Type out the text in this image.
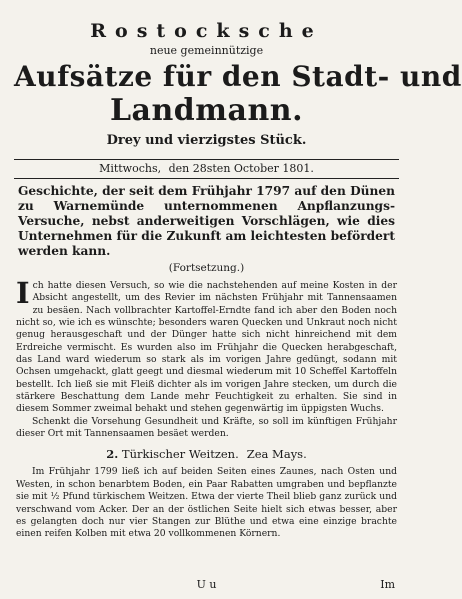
Rostocksche
neue gemeinnützige
Aufsätze für den Stadt- und
Landmann.
Drey und vierzigstes Stück.
Mittwochs, den 28sten October 1801.
Geschichte, der seit dem Frühjahr 1797 auf den Dünen zu Warnemünde unternommenen Anpflanzungs-Versuche, nebst anderweitigen Vorschlägen, wie dies Unternehmen für die Zukunft am leichtesten befördert werden kann.
(Fortsetzung.)

Ich hatte diesen Versuch, so wie die nachstehenden auf meine Kosten in der Absicht angestellt, um des Revier im nächsten Frühjahr mit Tannensaamen zu besäen. Nach vollbrachter Kartoffel-Erndte fand ich aber den Boden noch nicht so, wie ich es wünschte; besonders waren Quecken und Unkraut noch nicht genug herausgeschaft und der Dünger hatte sich nicht hinreichend mit dem Erdreiche vermischt. Es wurden also im Frühjahr die Quecken herabgeschaft, das Land ward wiederum so stark als im vorigen Jahre gedüngt, sodann mit Ochsen umgehackt, glatt geegt und diesmal wiederum mit 10 Scheffel Kartoffeln bestellt. Ich ließ sie mit Fleiß dichter als im vorigen Jahre stecken, um durch die stärkere Beschattung dem Lande mehr Feuchtigkeit zu erhalten. Sie sind in diesem Sommer zweimal behakt und stehen gegenwärtig im üppigsten Wuchs.

Schenkt die Vorsehung Gesundheit und Kräfte, so soll im künftigen Frühjahr dieser Ort mit Tannensaamen besäet werden.

2. Türkischer Weitzen. Zea Mays.

Im Frühjahr 1799 ließ ich auf beiden Seiten eines Zaunes, nach Osten und Westen, in schon benarbtem Boden, ein Paar Rabatten umgraben und bepflanzte sie mit ½ Pfund türkischem Weitzen. Etwa der vierte Theil blieb ganz zurück und verschwand vom Acker. Der an der östlichen Seite hielt sich etwas besser, aber es gelangten doch nur vier Stangen zur Blüthe und etwa eine einzige brachte einen reifen Kolben mit etwa 20 vollkommenen Körnern.

U u	Im
